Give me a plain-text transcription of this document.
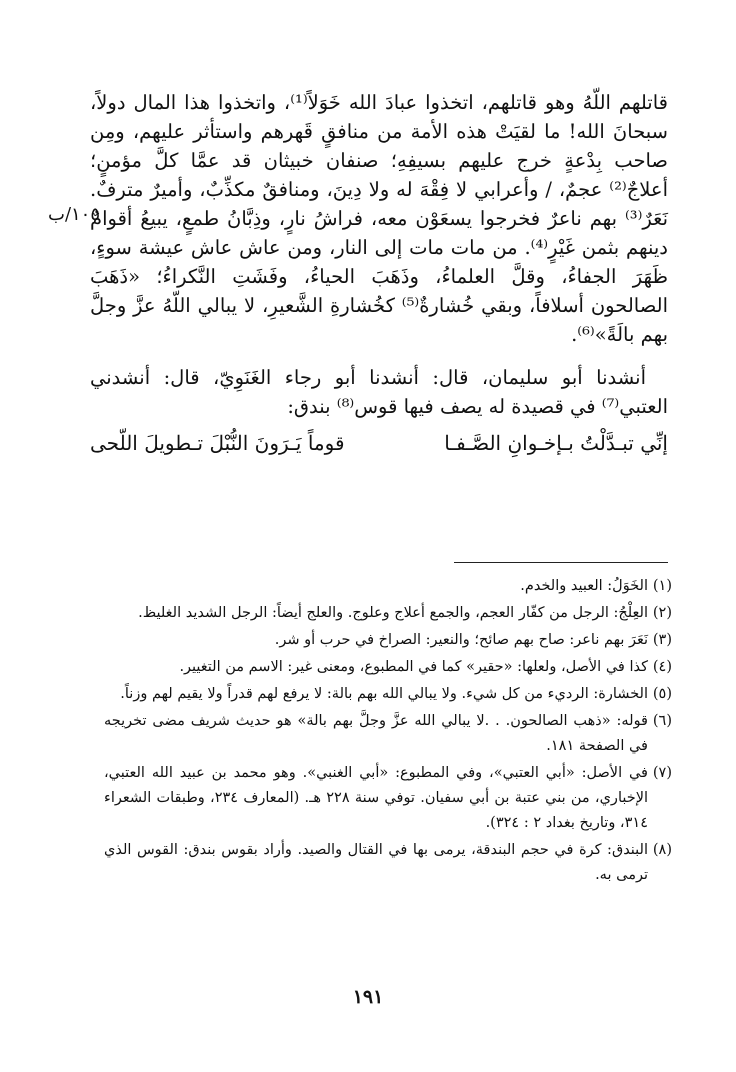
قاتلهم اللّهُ وهو قاتلهم، اتخذوا عبادَ الله خَوَلاً⁽¹⁾، واتخذوا هذا المال دولاً، سبحانَ الله! ما لقيَتْ هذه الأمة من منافقٍ قَهرهم واستأثر عليهم، ومِن صاحب بِدْعةٍ خرج عليهم بسيفِهِ؛ صنفان خبيثان قد عمَّا كلَّ مؤمنٍ؛ أعلاجٌ⁽²⁾ عجمٌ، / وأعرابي لا فِقْهَ له ولا دِينَ، ومنافقٌ مكذِّبٌ، وأميرٌ مترفٌ. نَعَرٌ⁽³⁾ بهم ناعرٌ فخرجوا يسعَوْن معه، فراشُ نارٍ، وذِبَّانُ طمعٍ، يبيعُ أقوامٌ دينهم بثمن غَيْرٍ⁽⁴⁾. من مات مات إلى النار، ومن عاش عاش عيشة سوءٍ، ظَهَرَ الجفاءُ، وقلَّ العلماءُ، وذَهَبَ الحياءُ، وفَشَتِ النَّكراءُ؛ «ذَهَبَ الصالحون أسلافاً، وبقي خُشارةٌ⁽⁵⁾ كخُشارةِ الشَّعيرِ، لا يبالي اللّهُ عزَّ وجلَّ بهم بالَةً»⁽⁶⁾.

أنشدنا أبو سليمان، قال: أنشدنا أبو رجاء الغَنَوِيّ، قال: أنشدني العتبي⁽⁷⁾ في قصيدة له يصف فيها قوس⁽⁸⁾ بندق:

إنِّي تبـدَّلْتُ بـإخـوانِ الصَّـفـا
قوماً يَـرَونَ النُّبْلَ تـطويلَ اللّحى
١٠٥/ب

(١)الخَوَلُ: العبيد والخدم.

(٢)العِلْجُ: الرجل من كفّار العجم، والجمع أعلاج وعلوج. والعلج أيضاً: الرجل الشديد الغليظ.

(٣)نَعَرَ بهم ناعر: صاح بهم صائح؛ والنعير: الصراخ في حرب أو شر.

(٤)كذا في الأصل، ولعلها: «حقير» كما في المطبوع، ومعنى غير: الاسم من التغيير.

(٥)الخشارة: الرديء من كل شيء. ولا يبالي الله بهم بالة: لا يرفع لهم قدراً ولا يقيم لهم وزناً.

(٦)قوله: «ذهب الصالحون. . .لا يبالي الله عزَّ وجلَّ بهم بالة» هو حديث شريف مضى تخريجه في الصفحة ١٨١.

(٧)في الأصل: «أبي العتبي»، وفي المطبوع: «أبي الغنبي». وهو محمد بن عبيد الله العتبي، الإخباري، من بني عتبة بن أبي سفيان. توفي سنة ٢٢٨ هـ. (المعارف ٢٣٤، وطبقات الشعراء ٣١٤، وتاريخ بغداد ٢ : ٣٢٤).

(٨)البندق: كرة في حجم البندقة، يرمى بها في القتال والصيد. وأراد بقوس بندق: القوس الذي ترمى به.

١٩١
